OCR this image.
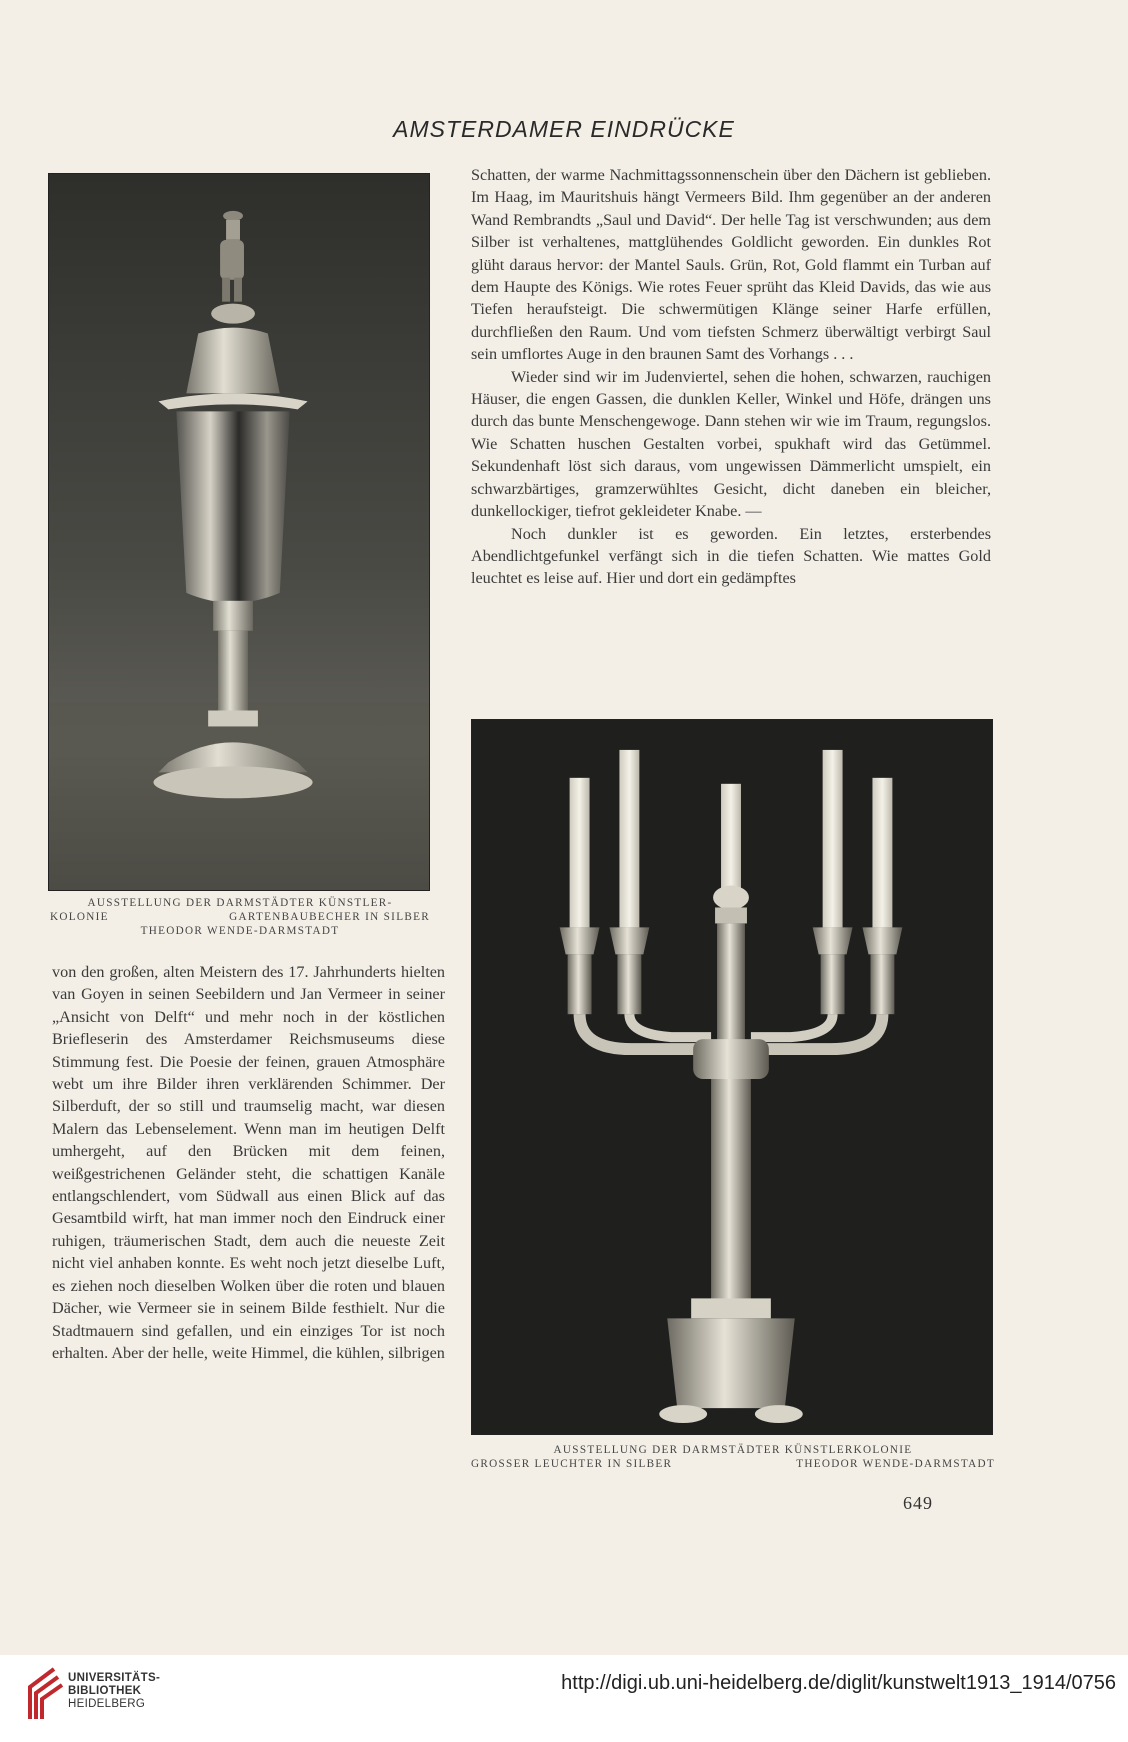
AMSTERDAMER EINDRÜCKE
AUSSTELLUNG DER DARMSTÄDTER KÜNSTLER-
KOLONIE	GARTENBAUBECHER IN SILBER
THEODOR WENDE-DARMSTADT

Schatten, der warme Nachmittagssonnenschein über den Dächern ist geblieben. Im Haag, im Mauritshuis hängt Vermeers Bild. Ihm gegenüber an der anderen Wand Rembrandts „Saul und David“. Der helle Tag ist verschwunden; aus dem Silber ist verhaltenes, mattglühendes Goldlicht geworden. Ein dunkles Rot glüht daraus hervor: der Mantel Sauls. Grün, Rot, Gold flammt ein Turban auf dem Haupte des Königs. Wie rotes Feuer sprüht das Kleid Davids, das wie aus Tiefen heraufsteigt. Die schwermütigen Klänge seiner Harfe erfüllen, durchfließen den Raum. Und vom tiefsten Schmerz überwältigt verbirgt Saul sein umflortes Auge in den braunen Samt des Vorhangs . . .

Wieder sind wir im Judenviertel, sehen die hohen, schwarzen, rauchigen Häuser, die engen Gassen, die dunklen Keller, Winkel und Höfe, drängen uns durch das bunte Menschengewoge. Dann stehen wir wie im Traum, regungslos. Wie Schatten huschen Gestalten vorbei, spukhaft wird das Getümmel. Sekundenhaft löst sich daraus, vom ungewissen Dämmerlicht umspielt, ein schwarzbärtiges, gramzerwühltes Gesicht, dicht daneben ein bleicher, dunkellockiger, tiefrot gekleideter Knabe. —

Noch dunkler ist es geworden. Ein letztes, ersterbendes Abendlichtgefunkel verfängt sich in die tiefen Schatten. Wie mattes Gold leuchtet es leise auf. Hier und dort ein gedämpftes

AUSSTELLUNG DER DARMSTÄDTER KÜNSTLERKOLONIE
GROSSER LEUCHTER IN SILBER	THEODOR WENDE-DARMSTADT

von den großen, alten Meistern des 17. Jahrhunderts hielten van Goyen in seinen Seebildern und Jan Vermeer in seiner „Ansicht von Delft“ und mehr noch in der köstlichen Briefleserin des Amsterdamer Reichsmuseums diese Stimmung fest. Die Poesie der feinen, grauen Atmosphäre webt um ihre Bilder ihren verklärenden Schimmer. Der Silberduft, der so still und traumselig macht, war diesen Malern das Lebenselement. Wenn man im heutigen Delft umhergeht, auf den Brücken mit dem feinen, weißgestrichenen Geländer steht, die schattigen Kanäle entlangschlendert, vom Südwall aus einen Blick auf das Gesamtbild wirft, hat man immer noch den Eindruck einer ruhigen, träumerischen Stadt, dem auch die neueste Zeit nicht viel anhaben konnte. Es weht noch jetzt dieselbe Luft, es ziehen noch dieselben Wolken über die roten und blauen Dächer, wie Vermeer sie in seinem Bilde festhielt. Nur die Stadtmauern sind gefallen, und ein einziges Tor ist noch erhalten. Aber der helle, weite Himmel, die kühlen, silbrigen

649
UNIVERSITÄTS-
BIBLIOTHEK
HEIDELBERG
http://digi.ub.uni-heidelberg.de/diglit/kunstwelt1913_1914/0756
